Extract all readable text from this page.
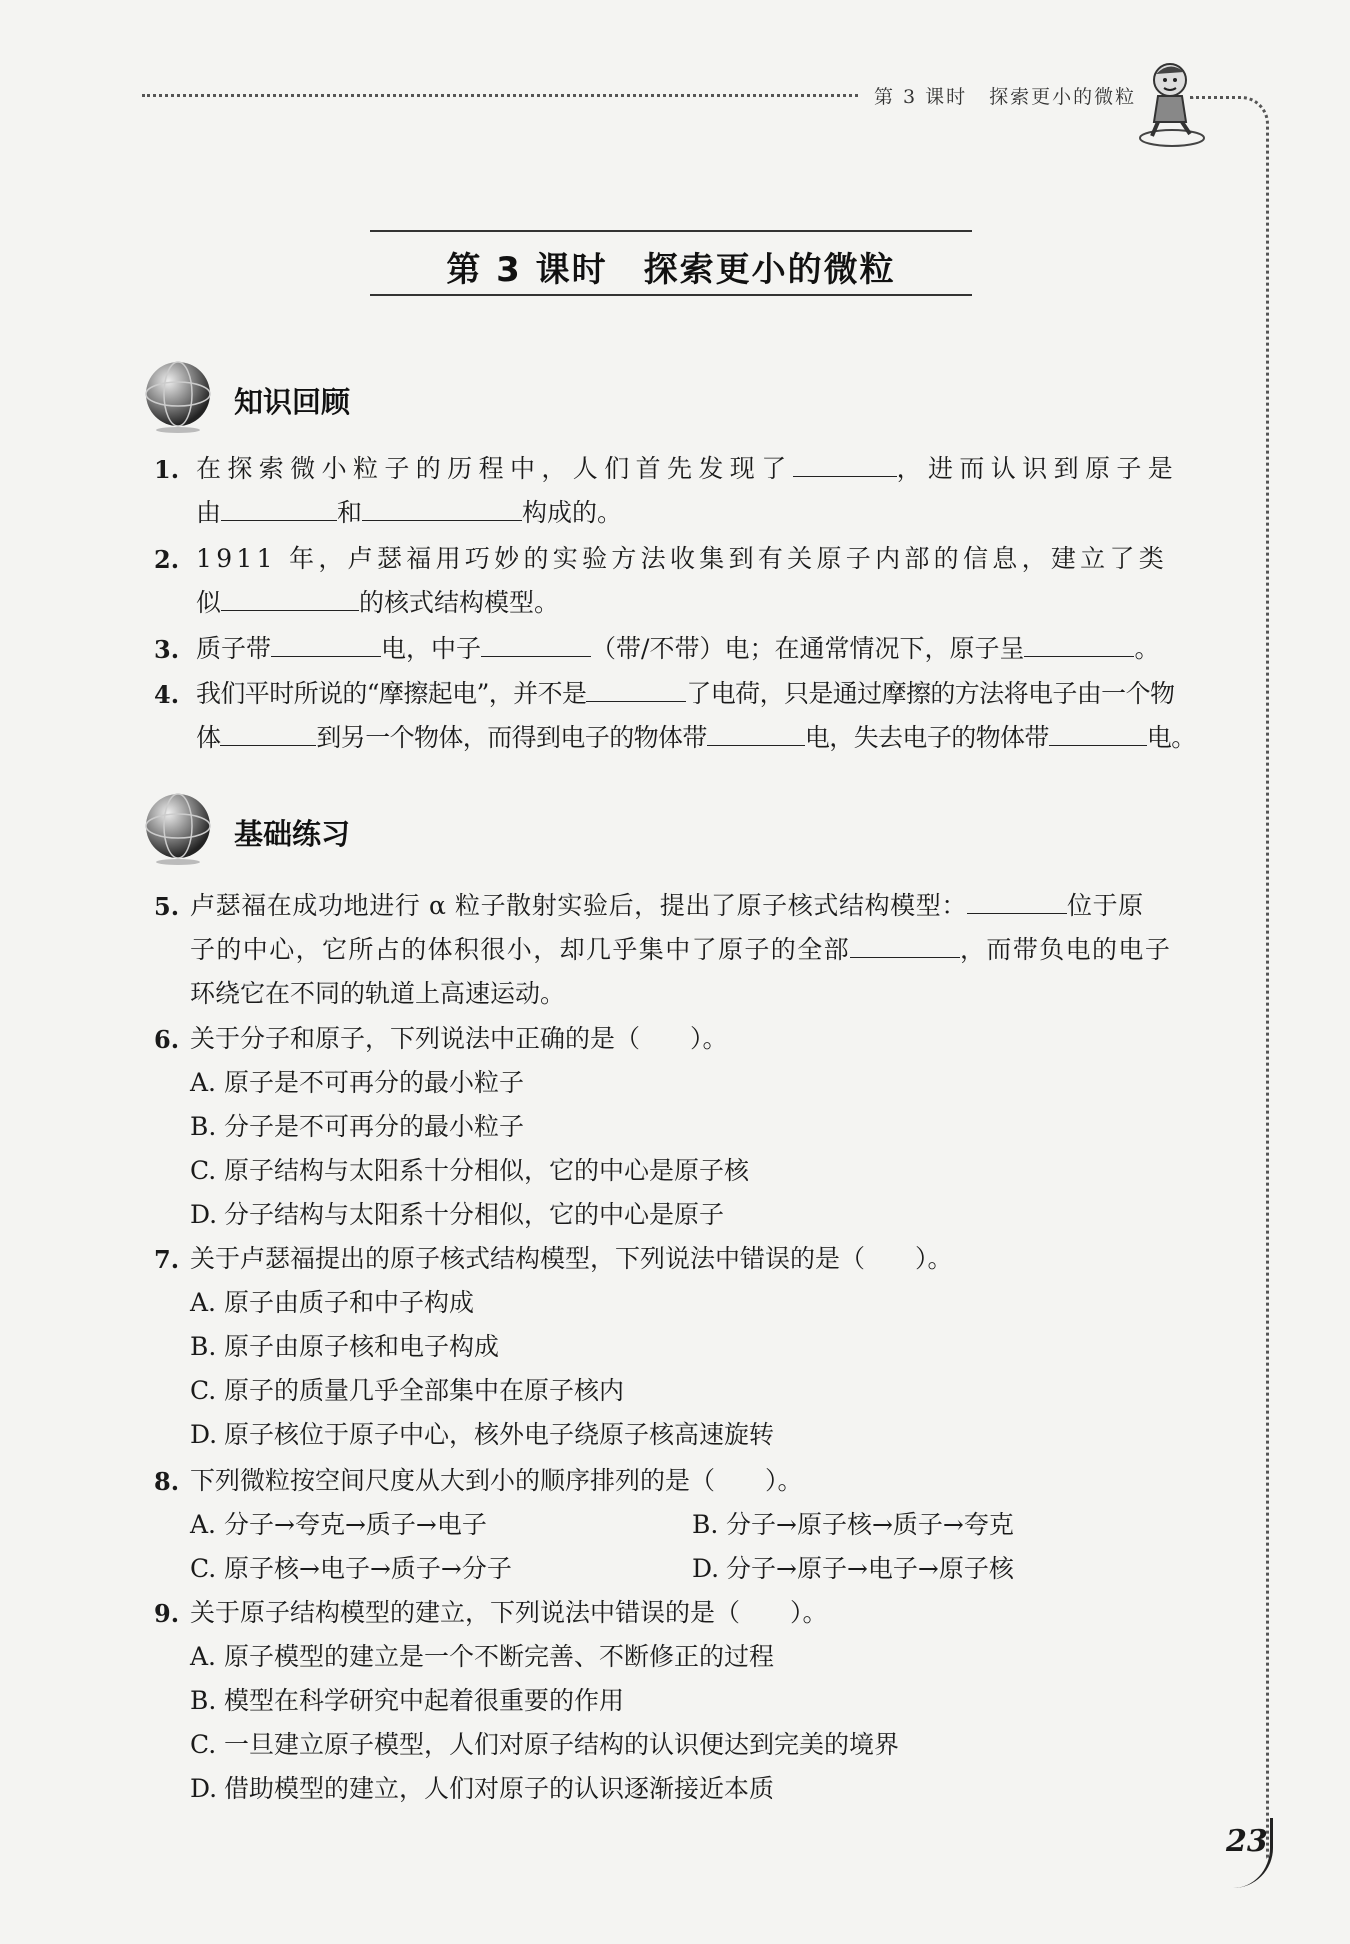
第 3 课时 探索更小的微粒
23
第 3 课时 探索更小的微粒
知识回顾
1. 在探索微小粒子的历程中，人们首先发现了	，进而认识到原子是
由	和	构成的。
2. 1911 年，卢瑟福用巧妙的实验方法收集到有关原子内部的信息，建立了类
似	的核式结构模型。
3. 质子带	电，中子	（带/不带）电；在通常情况下，原子呈	。
4. 我们平时所说的“摩擦起电”，并不是	了电荷，只是通过摩擦的方法将电子由一个物
体	到另一个物体，而得到电子的物体带	电，失去电子的物体带	电。
基础练习
5. 卢瑟福在成功地进行 α 粒子散射实验后，提出了原子核式结构模型：	位于原
子的中心，它所占的体积很小，却几乎集中了原子的全部	，而带负电的电子
环绕它在不同的轨道上高速运动。
6. 关于分子和原子，下列说法中正确的是（　　）。
A. 原子是不可再分的最小粒子
B. 分子是不可再分的最小粒子
C. 原子结构与太阳系十分相似，它的中心是原子核
D. 分子结构与太阳系十分相似，它的中心是原子
7. 关于卢瑟福提出的原子核式结构模型，下列说法中错误的是（　　）。
A. 原子由质子和中子构成
B. 原子由原子核和电子构成
C. 原子的质量几乎全部集中在原子核内
D. 原子核位于原子中心，核外电子绕原子核高速旋转
8. 下列微粒按空间尺度从大到小的顺序排列的是（　　）。
A. 分子→夸克→质子→电子	B. 分子→原子核→质子→夸克
C. 原子核→电子→质子→分子	D. 分子→原子→电子→原子核
9. 关于原子结构模型的建立，下列说法中错误的是（　　）。
A. 原子模型的建立是一个不断完善、不断修正的过程
B. 模型在科学研究中起着很重要的作用
C. 一旦建立原子模型，人们对原子结构的认识便达到完美的境界
D. 借助模型的建立，人们对原子的认识逐渐接近本质
